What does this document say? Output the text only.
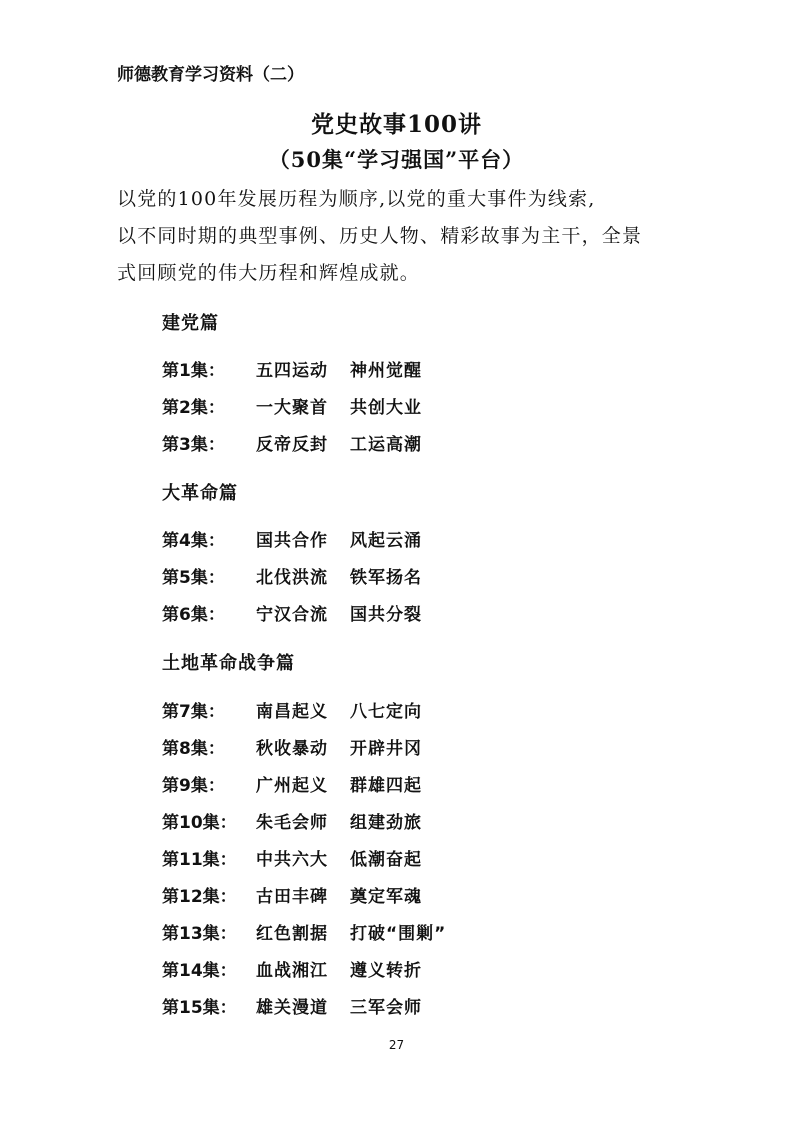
师德教育学习资料（二）
党史故事100讲
（50集“学习强国”平台）
以党的100年发展历程为顺序,以党的重大事件为线索,
以不同时期的典型事例、历史人物、精彩故事为主干，全景
式回顾党的伟大历程和辉煌成就。
建党篇
第1集： 五四运动 神州觉醒
第2集： 一大聚首 共创大业
第3集： 反帝反封 工运高潮
大革命篇
第4集： 国共合作 风起云涌
第5集： 北伐洪流 铁军扬名
第6集： 宁汉合流 国共分裂
土地革命战争篇
第7集： 南昌起义 八七定向
第8集： 秋收暴动 开辟井冈
第9集： 广州起义 群雄四起
第10集： 朱毛会师 组建劲旅
第11集： 中共六大 低潮奋起
第12集： 古田丰碑 奠定军魂
第13集： 红色割据 打破“围剿”
第14集： 血战湘江 遵义转折
第15集： 雄关漫道 三军会师
27
